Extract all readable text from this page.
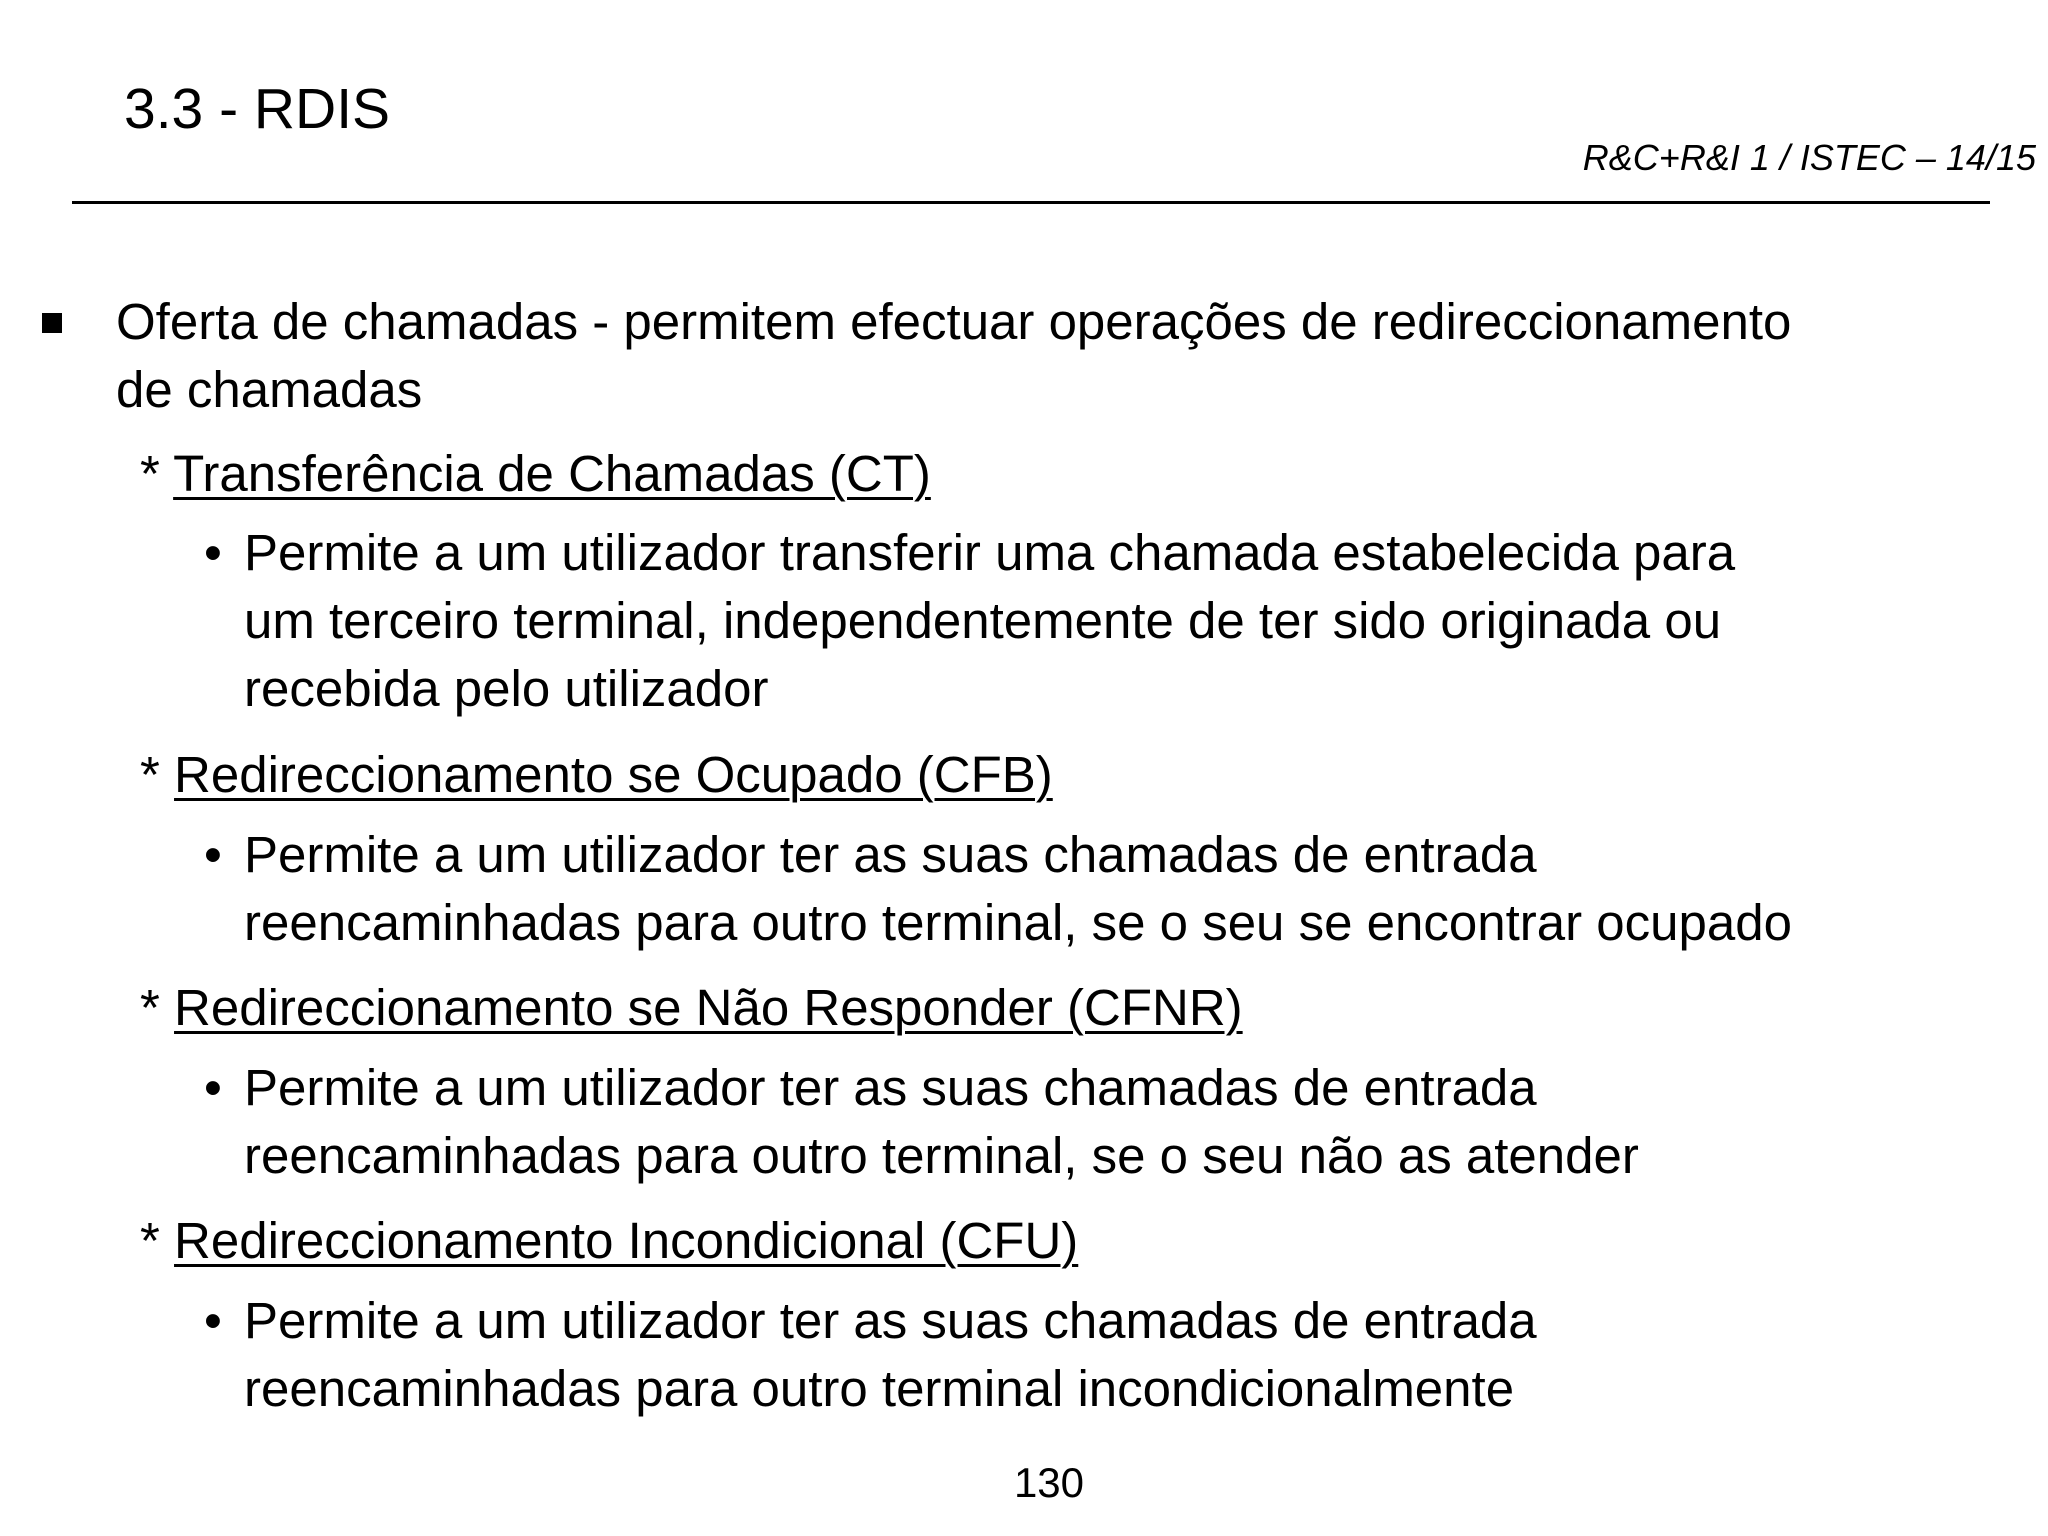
3.3 - RDIS
R&C+R&I 1 / ISTEC – 14/15
Oferta de chamadas - permitem efectuar operações de redireccionamento
de chamadas
* Transferência de Chamadas (CT)
• Permite a um utilizador transferir uma chamada estabelecida para
um terceiro terminal, independentemente de ter sido originada ou
recebida pelo utilizador
* Redireccionamento se Ocupado (CFB)
• Permite a um utilizador ter as suas chamadas de entrada
reencaminhadas para outro terminal, se o seu se encontrar ocupado
* Redireccionamento se Não Responder (CFNR)
• Permite a um utilizador ter as suas chamadas de entrada
reencaminhadas para outro terminal, se o seu não as atender
* Redireccionamento Incondicional (CFU)
• Permite a um utilizador ter as suas chamadas de entrada
reencaminhadas para outro terminal incondicionalmente
130
